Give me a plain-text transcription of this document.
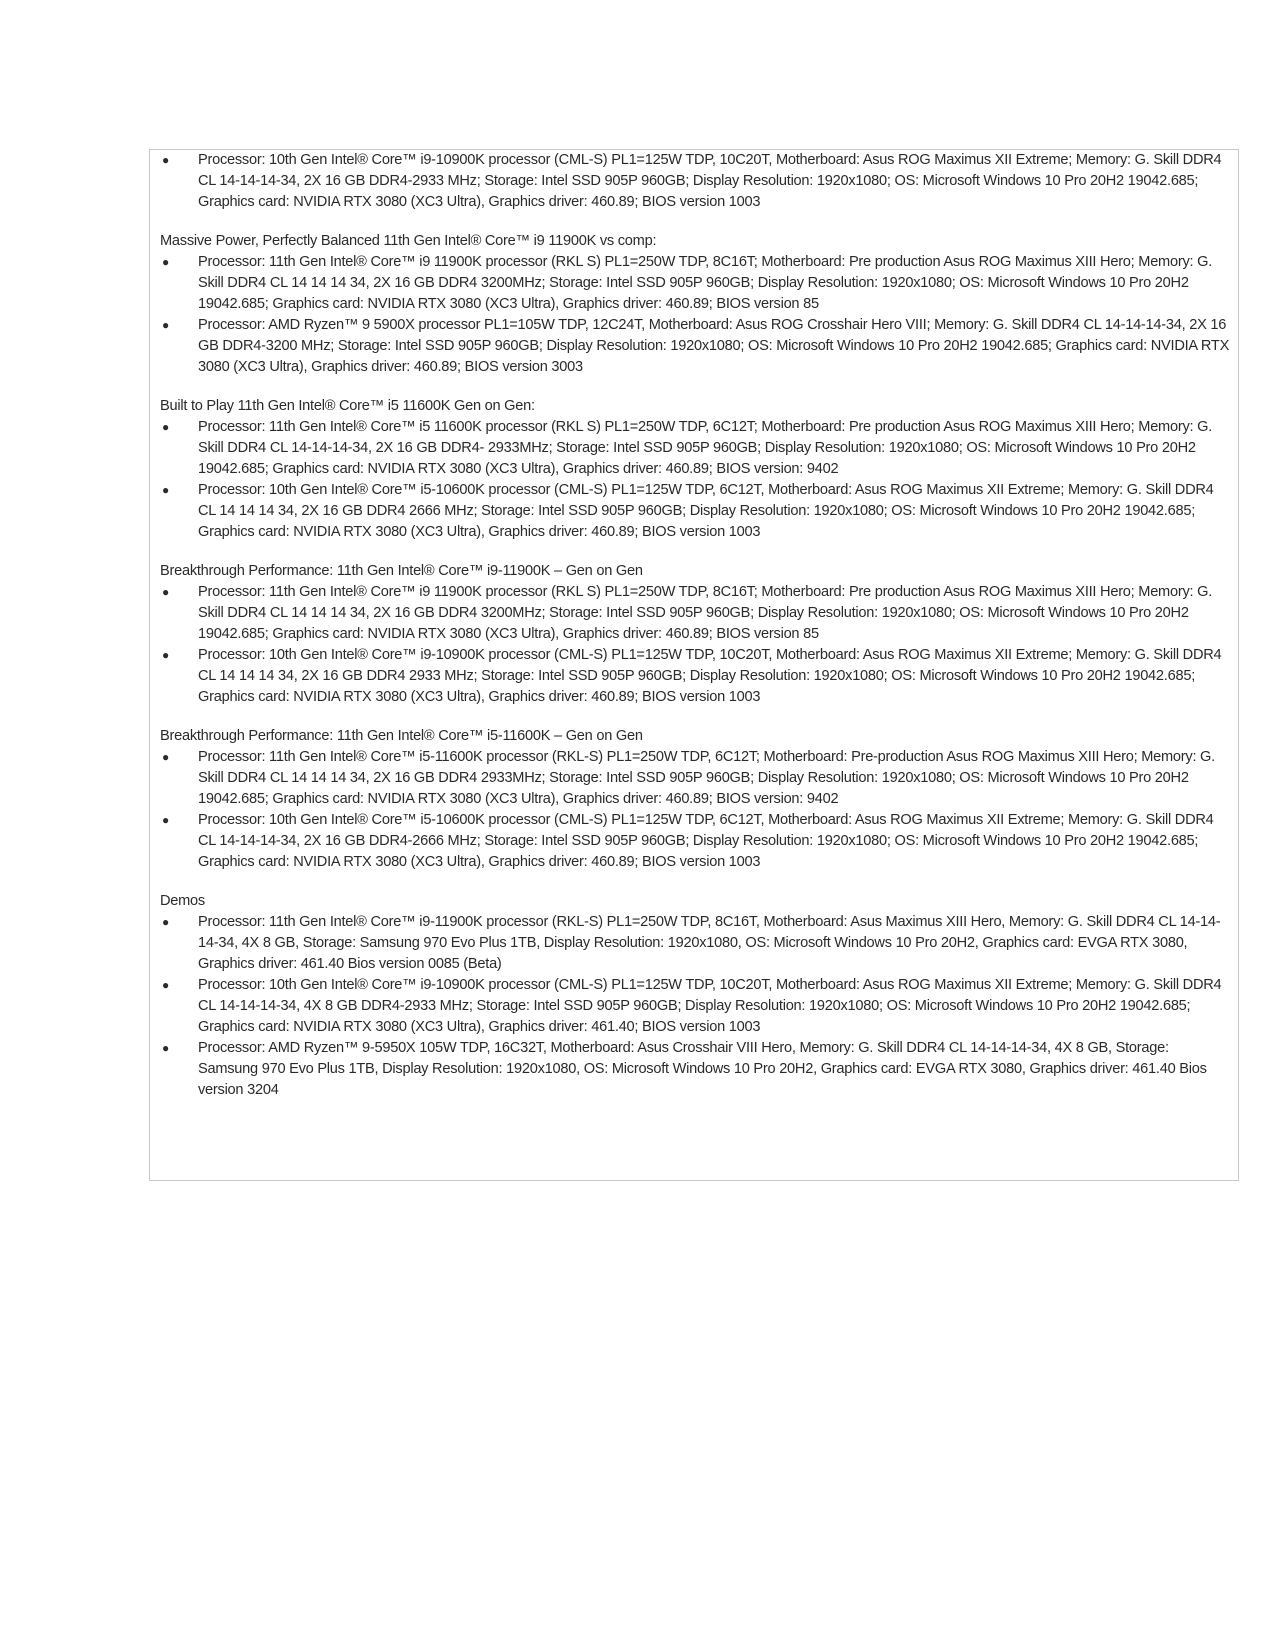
● Processor: 10th Gen Intel® Core™ i9-10900K processor (CML-S) PL1=125W TDP, 10C20T, Motherboard: Asus ROG Maximus XII Extreme; Memory: G. Skill DDR4 CL 14-14-14-34, 2X 16 GB DDR4-2933 MHz; Storage: Intel SSD 905P 960GB; Display Resolution: 1920x1080; OS: Microsoft Windows 10 Pro 20H2 19042.685; Graphics card: NVIDIA RTX 3080 (XC3 Ultra), Graphics driver: 460.89; BIOS version 1003
Massive Power, Perfectly Balanced 11th Gen Intel® Core™ i9 11900K vs comp:
● Processor: 11th Gen Intel® Core™ i9 11900K processor (RKL S) PL1=250W TDP, 8C16T; Motherboard: Pre production Asus ROG Maximus XIII Hero; Memory: G. Skill DDR4 CL 14 14 14 34, 2X 16 GB DDR4 3200MHz; Storage: Intel SSD 905P 960GB; Display Resolution: 1920x1080; OS: Microsoft Windows 10 Pro 20H2 19042.685; Graphics card: NVIDIA RTX 3080 (XC3 Ultra), Graphics driver: 460.89; BIOS version 85
● Processor: AMD Ryzen™ 9 5900X processor PL1=105W TDP, 12C24T, Motherboard: Asus ROG Crosshair Hero VIII; Memory: G. Skill DDR4 CL 14-14-14-34, 2X 16 GB DDR4-3200 MHz; Storage: Intel SSD 905P 960GB; Display Resolution: 1920x1080; OS: Microsoft Windows 10 Pro 20H2 19042.685; Graphics card: NVIDIA RTX 3080 (XC3 Ultra), Graphics driver: 460.89; BIOS version 3003
Built to Play 11th Gen Intel® Core™ i5 11600K Gen on Gen:
● Processor: 11th Gen Intel® Core™ i5 11600K processor (RKL S) PL1=250W TDP, 6C12T; Motherboard: Pre production Asus ROG Maximus XIII Hero; Memory: G. Skill DDR4 CL 14-14-14-34, 2X 16 GB DDR4- 2933MHz; Storage: Intel SSD 905P 960GB; Display Resolution: 1920x1080; OS: Microsoft Windows 10 Pro 20H2 19042.685; Graphics card: NVIDIA RTX 3080 (XC3 Ultra), Graphics driver: 460.89; BIOS version: 9402
● Processor: 10th Gen Intel® Core™ i5-10600K processor (CML-S) PL1=125W TDP, 6C12T, Motherboard: Asus ROG Maximus XII Extreme; Memory: G. Skill DDR4 CL 14 14 14 34, 2X 16 GB DDR4 2666 MHz; Storage: Intel SSD 905P 960GB; Display Resolution: 1920x1080; OS: Microsoft Windows 10 Pro 20H2 19042.685; Graphics card: NVIDIA RTX 3080 (XC3 Ultra), Graphics driver: 460.89; BIOS version 1003
Breakthrough Performance: 11th Gen Intel® Core™ i9-11900K – Gen on Gen
● Processor: 11th Gen Intel® Core™ i9 11900K processor (RKL S) PL1=250W TDP, 8C16T; Motherboard: Pre production Asus ROG Maximus XIII Hero; Memory: G. Skill DDR4 CL 14 14 14 34, 2X 16 GB DDR4 3200MHz; Storage: Intel SSD 905P 960GB; Display Resolution: 1920x1080; OS: Microsoft Windows 10 Pro 20H2 19042.685; Graphics card: NVIDIA RTX 3080 (XC3 Ultra), Graphics driver: 460.89; BIOS version 85
● Processor: 10th Gen Intel® Core™ i9-10900K processor (CML-S) PL1=125W TDP, 10C20T, Motherboard: Asus ROG Maximus XII Extreme; Memory: G. Skill DDR4 CL 14 14 14 34, 2X 16 GB DDR4 2933 MHz; Storage: Intel SSD 905P 960GB; Display Resolution: 1920x1080; OS: Microsoft Windows 10 Pro 20H2 19042.685; Graphics card: NVIDIA RTX 3080 (XC3 Ultra), Graphics driver: 460.89; BIOS version 1003
Breakthrough Performance: 11th Gen Intel® Core™ i5-11600K – Gen on Gen
● Processor: 11th Gen Intel® Core™ i5-11600K processor (RKL-S) PL1=250W TDP, 6C12T; Motherboard: Pre-production Asus ROG Maximus XIII Hero; Memory: G. Skill DDR4 CL 14 14 14 34, 2X 16 GB DDR4 2933MHz; Storage: Intel SSD 905P 960GB; Display Resolution: 1920x1080; OS: Microsoft Windows 10 Pro 20H2 19042.685; Graphics card: NVIDIA RTX 3080 (XC3 Ultra), Graphics driver: 460.89; BIOS version: 9402
● Processor: 10th Gen Intel® Core™ i5-10600K processor (CML-S) PL1=125W TDP, 6C12T, Motherboard: Asus ROG Maximus XII Extreme; Memory: G. Skill DDR4 CL 14-14-14-34, 2X 16 GB DDR4-2666 MHz; Storage: Intel SSD 905P 960GB; Display Resolution: 1920x1080; OS: Microsoft Windows 10 Pro 20H2 19042.685; Graphics card: NVIDIA RTX 3080 (XC3 Ultra), Graphics driver: 460.89; BIOS version 1003
Demos
● Processor: 11th Gen Intel® Core™ i9-11900K processor (RKL-S) PL1=250W TDP, 8C16T, Motherboard: Asus Maximus XIII Hero, Memory: G. Skill DDR4 CL 14-14-14-34, 4X 8 GB, Storage: Samsung 970 Evo Plus 1TB, Display Resolution: 1920x1080, OS: Microsoft Windows 10 Pro 20H2, Graphics card: EVGA RTX 3080, Graphics driver: 461.40 Bios version 0085 (Beta)
● Processor: 10th Gen Intel® Core™ i9-10900K processor (CML-S) PL1=125W TDP, 10C20T, Motherboard: Asus ROG Maximus XII Extreme; Memory: G. Skill DDR4 CL 14-14-14-34, 4X 8 GB DDR4-2933 MHz; Storage: Intel SSD 905P 960GB; Display Resolution: 1920x1080; OS: Microsoft Windows 10 Pro 20H2 19042.685; Graphics card: NVIDIA RTX 3080 (XC3 Ultra), Graphics driver: 461.40; BIOS version 1003
● Processor: AMD Ryzen™ 9-5950X 105W TDP, 16C32T, Motherboard: Asus Crosshair VIII Hero, Memory: G. Skill DDR4 CL 14-14-14-34, 4X 8 GB, Storage: Samsung 970 Evo Plus 1TB, Display Resolution: 1920x1080, OS: Microsoft Windows 10 Pro 20H2, Graphics card: EVGA RTX 3080, Graphics driver: 461.40 Bios version 3204
